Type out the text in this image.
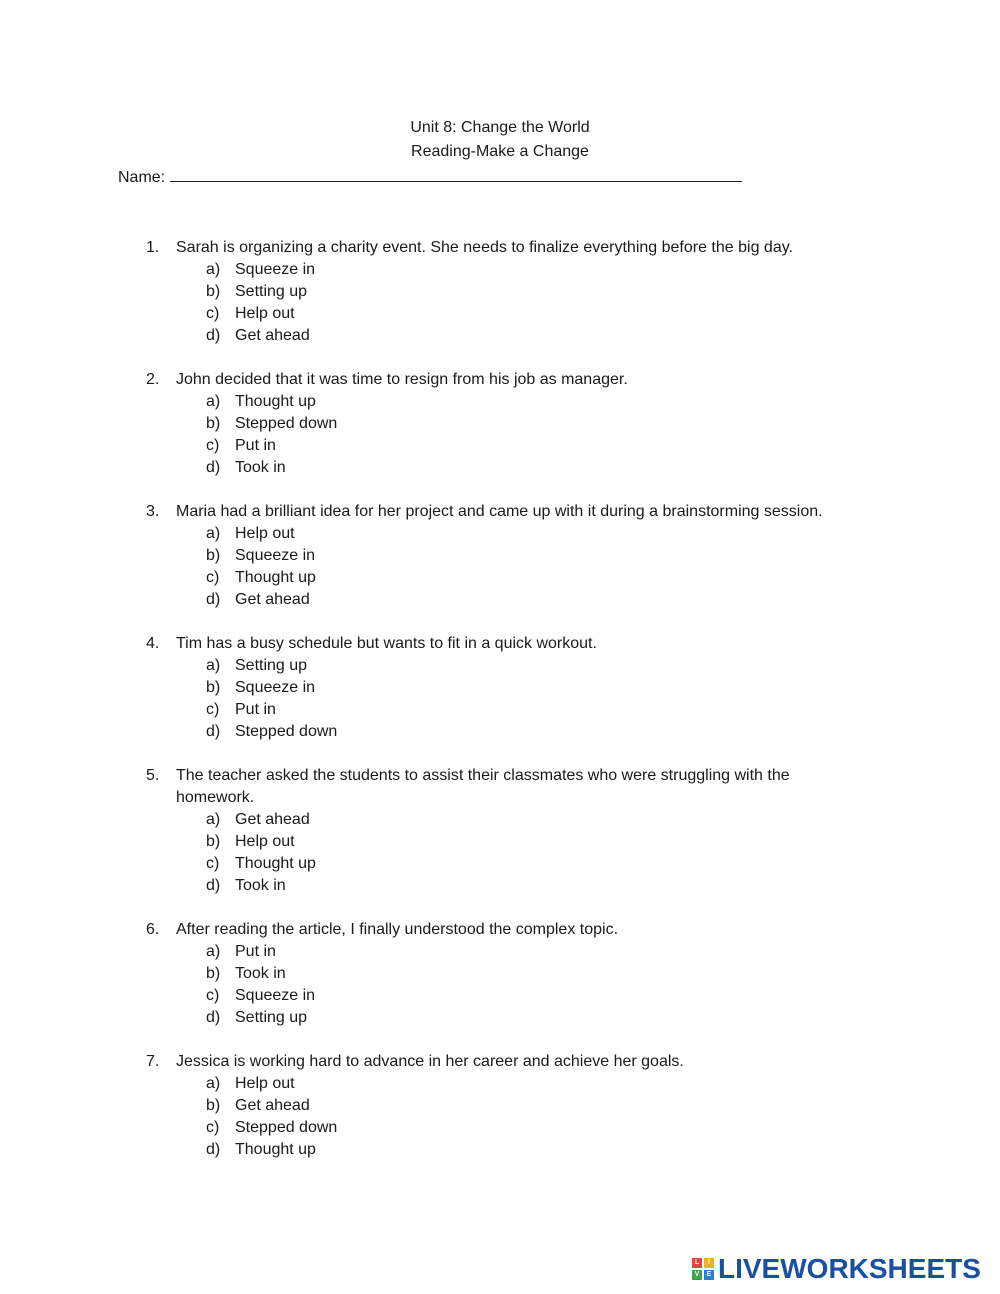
Unit 8: Change the World
Reading-Make a Change
Name:
1. Sarah is organizing a charity event. She needs to finalize everything before the big day.
a) Squeeze in
b) Setting up
c) Help out
d) Get ahead
2. John decided that it was time to resign from his job as manager.
a) Thought up
b) Stepped down
c) Put in
d) Took in
3. Maria had a brilliant idea for her project and came up with it during a brainstorming session.
a) Help out
b) Squeeze in
c) Thought up
d) Get ahead
4. Tim has a busy schedule but wants to fit in a quick workout.
a) Setting up
b) Squeeze in
c) Put in
d) Stepped down
5. The teacher asked the students to assist their classmates who were struggling with the homework.
a) Get ahead
b) Help out
c) Thought up
d) Took in
6. After reading the article, I finally understood the complex topic.
a) Put in
b) Took in
c) Squeeze in
d) Setting up
7. Jessica is working hard to advance in her career and achieve her goals.
a) Help out
b) Get ahead
c) Stepped down
d) Thought up
L	I
V	E LIVEWORKSHEETS
